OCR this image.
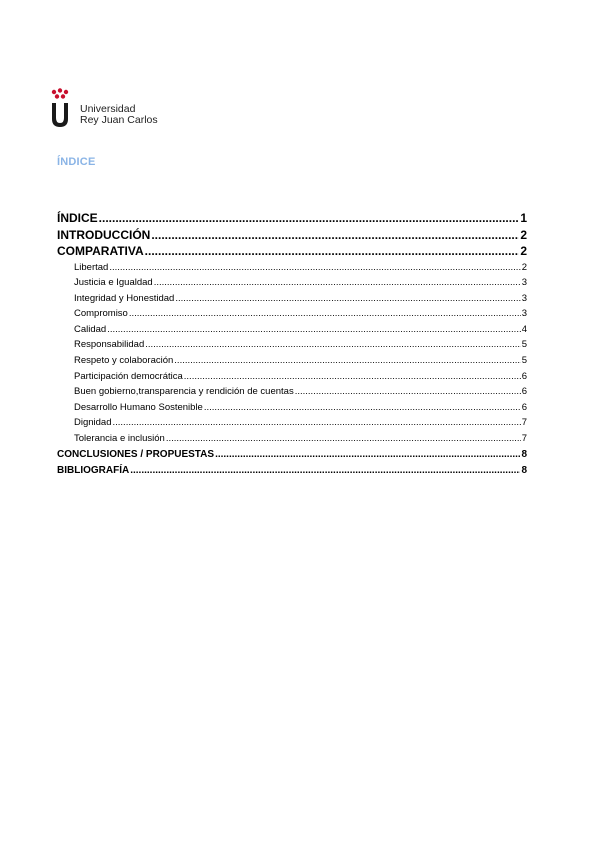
Universidad
Rey Juan Carlos
ÍNDICE
ÍNDICE .....	1
INTRODUCCIÓN .....	2
COMPARATIVA .....	2
Libertad .....	2
Justicia e Igualdad .....	3
Integridad y Honestidad .....	3
Compromiso .....	3
Calidad .....	4
Responsabilidad .....	5
Respeto y colaboración .....	5
Participación democrática .....	6
Buen gobierno,transparencia y rendición de cuentas .....	6
Desarrollo Humano Sostenible .....	6
Dignidad .....	7
Tolerancia e inclusión .....	7
CONCLUSIONES / PROPUESTAS .....	8
BIBLIOGRAFÍA .....	8
